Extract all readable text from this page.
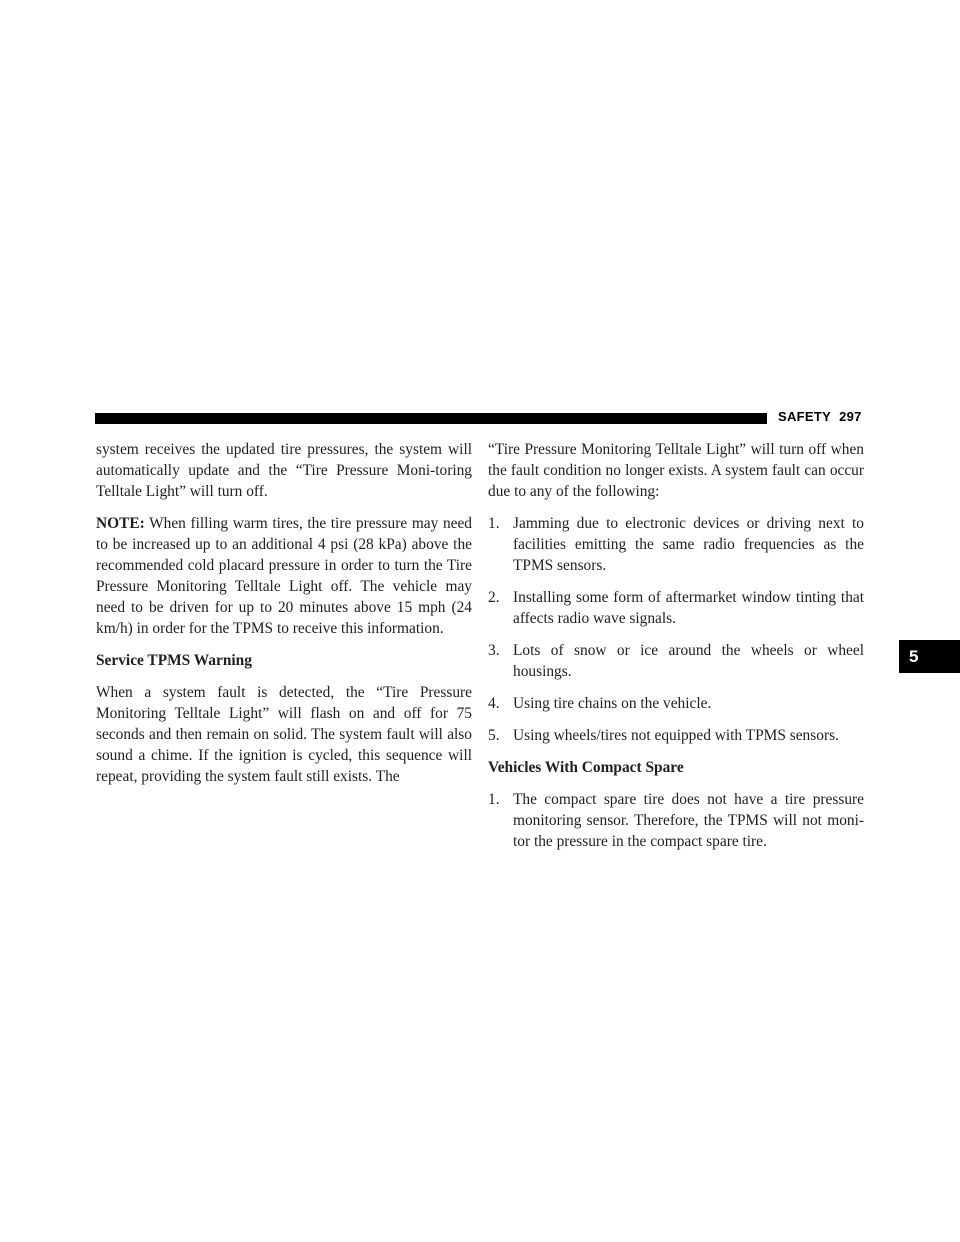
SAFETY 297
5

system receives the updated tire pressures, the system will automatically update and the “Tire Pressure Moni-toring Telltale Light” will turn off.

NOTE: When filling warm tires, the tire pressure may need to be increased up to an additional 4 psi (28 kPa) above the recommended cold placard pressure in order to turn the Tire Pressure Monitoring Telltale Light off. The vehicle may need to be driven for up to 20 minutes above 15 mph (24 km/h) in order for the TPMS to receive this information.

Service TPMS Warning

When a system fault is detected, the “Tire Pressure Monitoring Telltale Light” will flash on and off for 75 seconds and then remain on solid. The system fault will also sound a chime. If the ignition is cycled, this sequence will repeat, providing the system fault still exists. The

“Tire Pressure Monitoring Telltale Light” will turn off when the fault condition no longer exists. A system fault can occur due to any of the following:

1. Jamming due to electronic devices or driving next to facilities emitting the same radio frequencies as the TPMS sensors.
2. Installing some form of aftermarket window tinting that affects radio wave signals.
3. Lots of snow or ice around the wheels or wheel housings.
4. Using tire chains on the vehicle.
5. Using wheels/tires not equipped with TPMS sensors.
Vehicles With Compact Spare
1. The compact spare tire does not have a tire pressure monitoring sensor. Therefore, the TPMS will not moni-tor the pressure in the compact spare tire.
